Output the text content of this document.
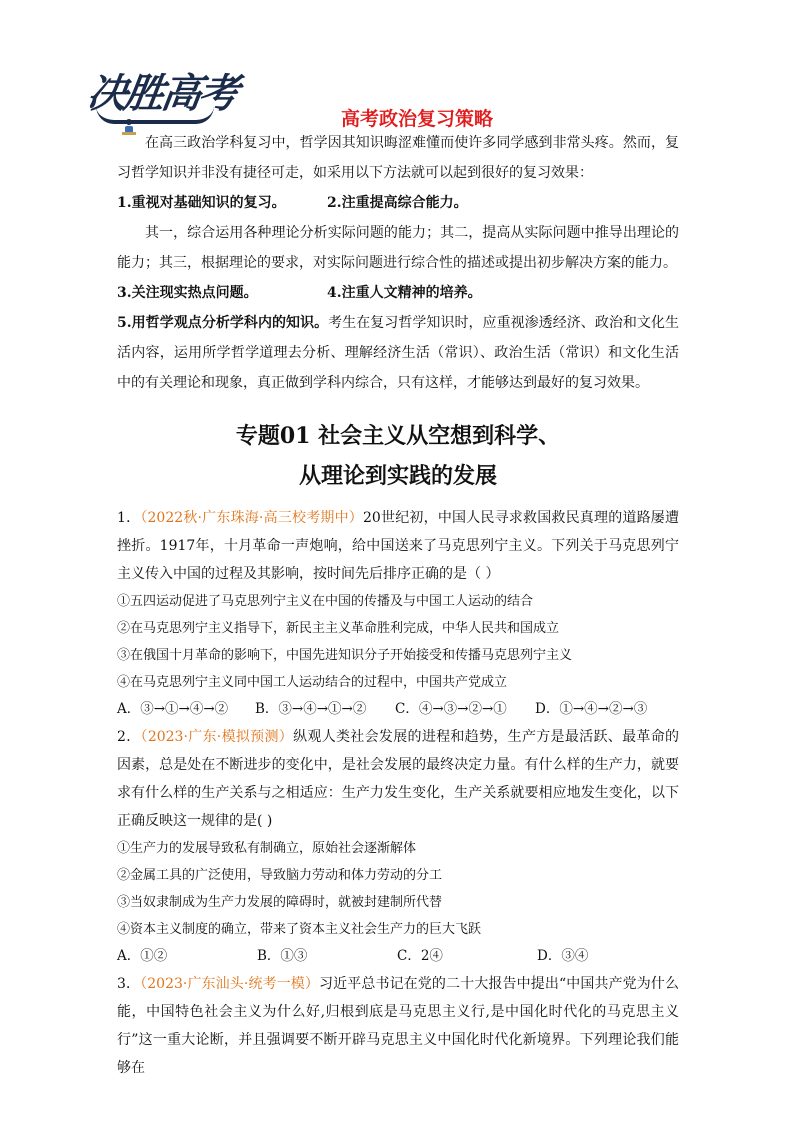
决胜高考
高考政治复习策略

在高三政治学科复习中，哲学因其知识晦涩难懂而使许多同学感到非常头疼。然而，复习哲学知识并非没有捷径可走，如采用以下方法就可以起到很好的复习效果：

1.重视对基础知识的复习。	2.注重提高综合能力。

其一，综合运用各种理论分析实际问题的能力；其二，提高从实际问题中推导出理论的能力；其三，根据理论的要求，对实际问题进行综合性的描述或提出初步解决方案的能力。

3.关注现实热点问题。	4.注重人文精神的培养。

5.用哲学观点分析学科内的知识。考生在复习哲学知识时，应重视渗透经济、政治和文化生活内容，运用所学哲学道理去分析、理解经济生活（常识）、政治生活（常识）和文化生活中的有关理论和现象，真正做到学科内综合，只有这样，才能够达到最好的复习效果。

专题01 社会主义从空想到科学、

从理论到实践的发展

1．（2022秋·广东珠海·高三校考期中）20世纪初，中国人民寻求救国救民真理的道路屡遭挫折。1917年，十月革命一声炮响，给中国送来了马克思列宁主义。下列关于马克思列宁主义传入中国的过程及其影响，按时间先后排序正确的是（ ）

①五四运动促进了马克思列宁主义在中国的传播及与中国工人运动的结合

②在马克思列宁主义指导下，新民主主义革命胜利完成，中华人民共和国成立

③在俄国十月革命的影响下，中国先进知识分子开始接受和传播马克思列宁主义

④在马克思列宁主义同中国工人运动结合的过程中，中国共产党成立

A．③→①→④→②	B．③→④→①→②	C．④→③→②→①	D．①→④→②→③

2．（2023·广东·模拟预测）纵观人类社会发展的进程和趋势，生产方是最活跃、最革命的因素，总是处在不断进步的变化中，是社会发展的最终决定力量。有什么样的生产力，就要求有什么样的生产关系与之相适应：生产力发生变化，生产关系就要相应地发生变化，以下正确反映这一规律的是( )

①生产力的发展导致私有制确立，原始社会逐渐解体

②金属工具的广泛使用，导致脑力劳动和体力劳动的分工

③当奴隶制成为生产力发展的障碍时，就被封建制所代替

④资本主义制度的确立，带来了资本主义社会生产力的巨大飞跃

A．①②	B．①③	C．2④	D．③④

3．（2023·广东汕头·统考一模）习近平总书记在党的二十大报告中提出“中国共产党为什么能，中国特色社会主义为什么好,归根到底是马克思主义行,是中国化时代化的马克思主义行”这一重大论断，并且强调要不断开辟马克思主义中国化时代化新境界。下列理论我们能够在
